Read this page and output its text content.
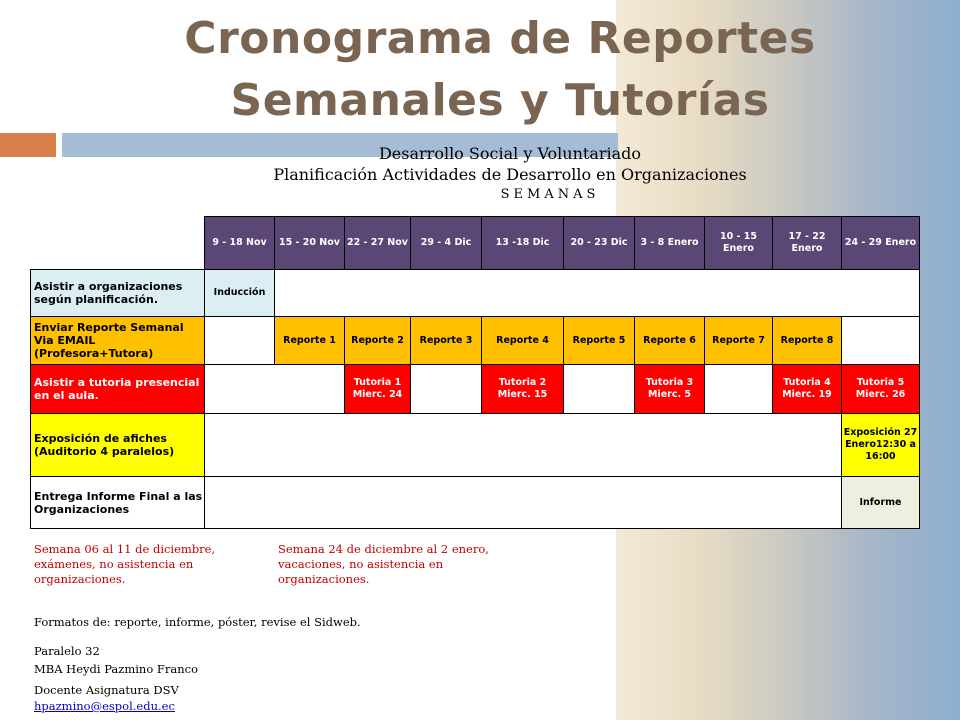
Cronograma de Reportes
Semanales y Tutorías
Desarrollo Social y Voluntariado
Planificación Actividades de Desarrollo en Organizaciones
SEMANAS
	9 - 18 Nov	15 - 20 Nov	22 - 27 Nov	29 - 4 Dic	13 -18 Dic	20 - 23 Dic	3 - 8 Enero	10 - 15 Enero	17 - 22 Enero	24 - 29 Enero
Asistir a organizaciones según planificación.	Inducción									
Enviar Reporte Semanal Via EMAIL (Profesora+Tutora)		Reporte 1	Reporte 2	Reporte 3	Reporte 4	Reporte 5	Reporte 6	Reporte 7	Reporte 8	
Asistir a tutoria presencial en el aula.			Tutoria 1 Mierc. 24		Tutoria 2 Mierc. 15		Tutoria 3 Mierc. 5		Tutoria 4 Mierc. 19	Tutoria 5 Mierc. 26
Exposición de afiches (Auditorio 4 paralelos)										Exposición 27 Enero12:30 a 16:00
Entrega Informe Final a las Organizaciones										Informe
Semana 06 al 11 de diciembre, exámenes, no asistencia en organizaciones.
Semana 24 de diciembre al 2 enero, vacaciones, no asistencia en organizaciones.
Formatos de: reporte, informe, póster, revise el Sidweb.
Paralelo 32
MBA Heydi Pazmino Franco
Docente Asignatura DSV
hpazmino@espol.edu.ec
